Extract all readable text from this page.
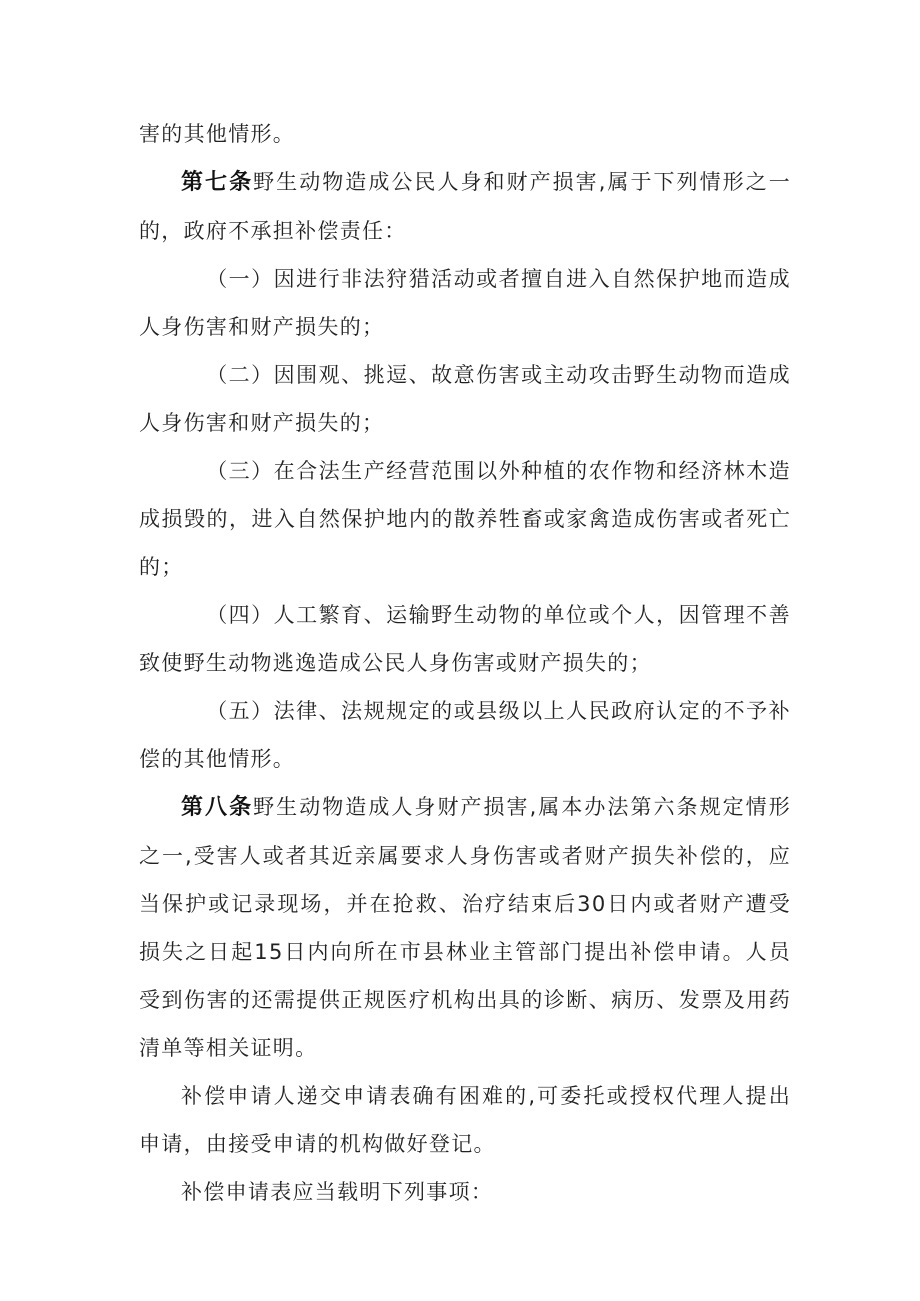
害的其他情形。

第七条野生动物造成公民人身和财产损害,属于下列情形之一的，政府不承担补偿责任：

（一）因进行非法狩猎活动或者擅自进入自然保护地而造成人身伤害和财产损失的；

（二）因围观、挑逗、故意伤害或主动攻击野生动物而造成人身伤害和财产损失的；

（三）在合法生产经营范围以外种植的农作物和经济林木造成损毁的，进入自然保护地内的散养牲畜或家禽造成伤害或者死亡的；

（四）人工繁育、运输野生动物的单位或个人，因管理不善致使野生动物逃逸造成公民人身伤害或财产损失的；

（五）法律、法规规定的或县级以上人民政府认定的不予补偿的其他情形。

第八条野生动物造成人身财产损害,属本办法第六条规定情形之一,受害人或者其近亲属要求人身伤害或者财产损失补偿的，应当保护或记录现场，并在抢救、治疗结束后30日内或者财产遭受损失之日起15日内向所在市县林业主管部门提出补偿申请。人员受到伤害的还需提供正规医疗机构出具的诊断、病历、发票及用药清单等相关证明。

补偿申请人递交申请表确有困难的,可委托或授权代理人提出申请，由接受申请的机构做好登记。

补偿申请表应当载明下列事项：
